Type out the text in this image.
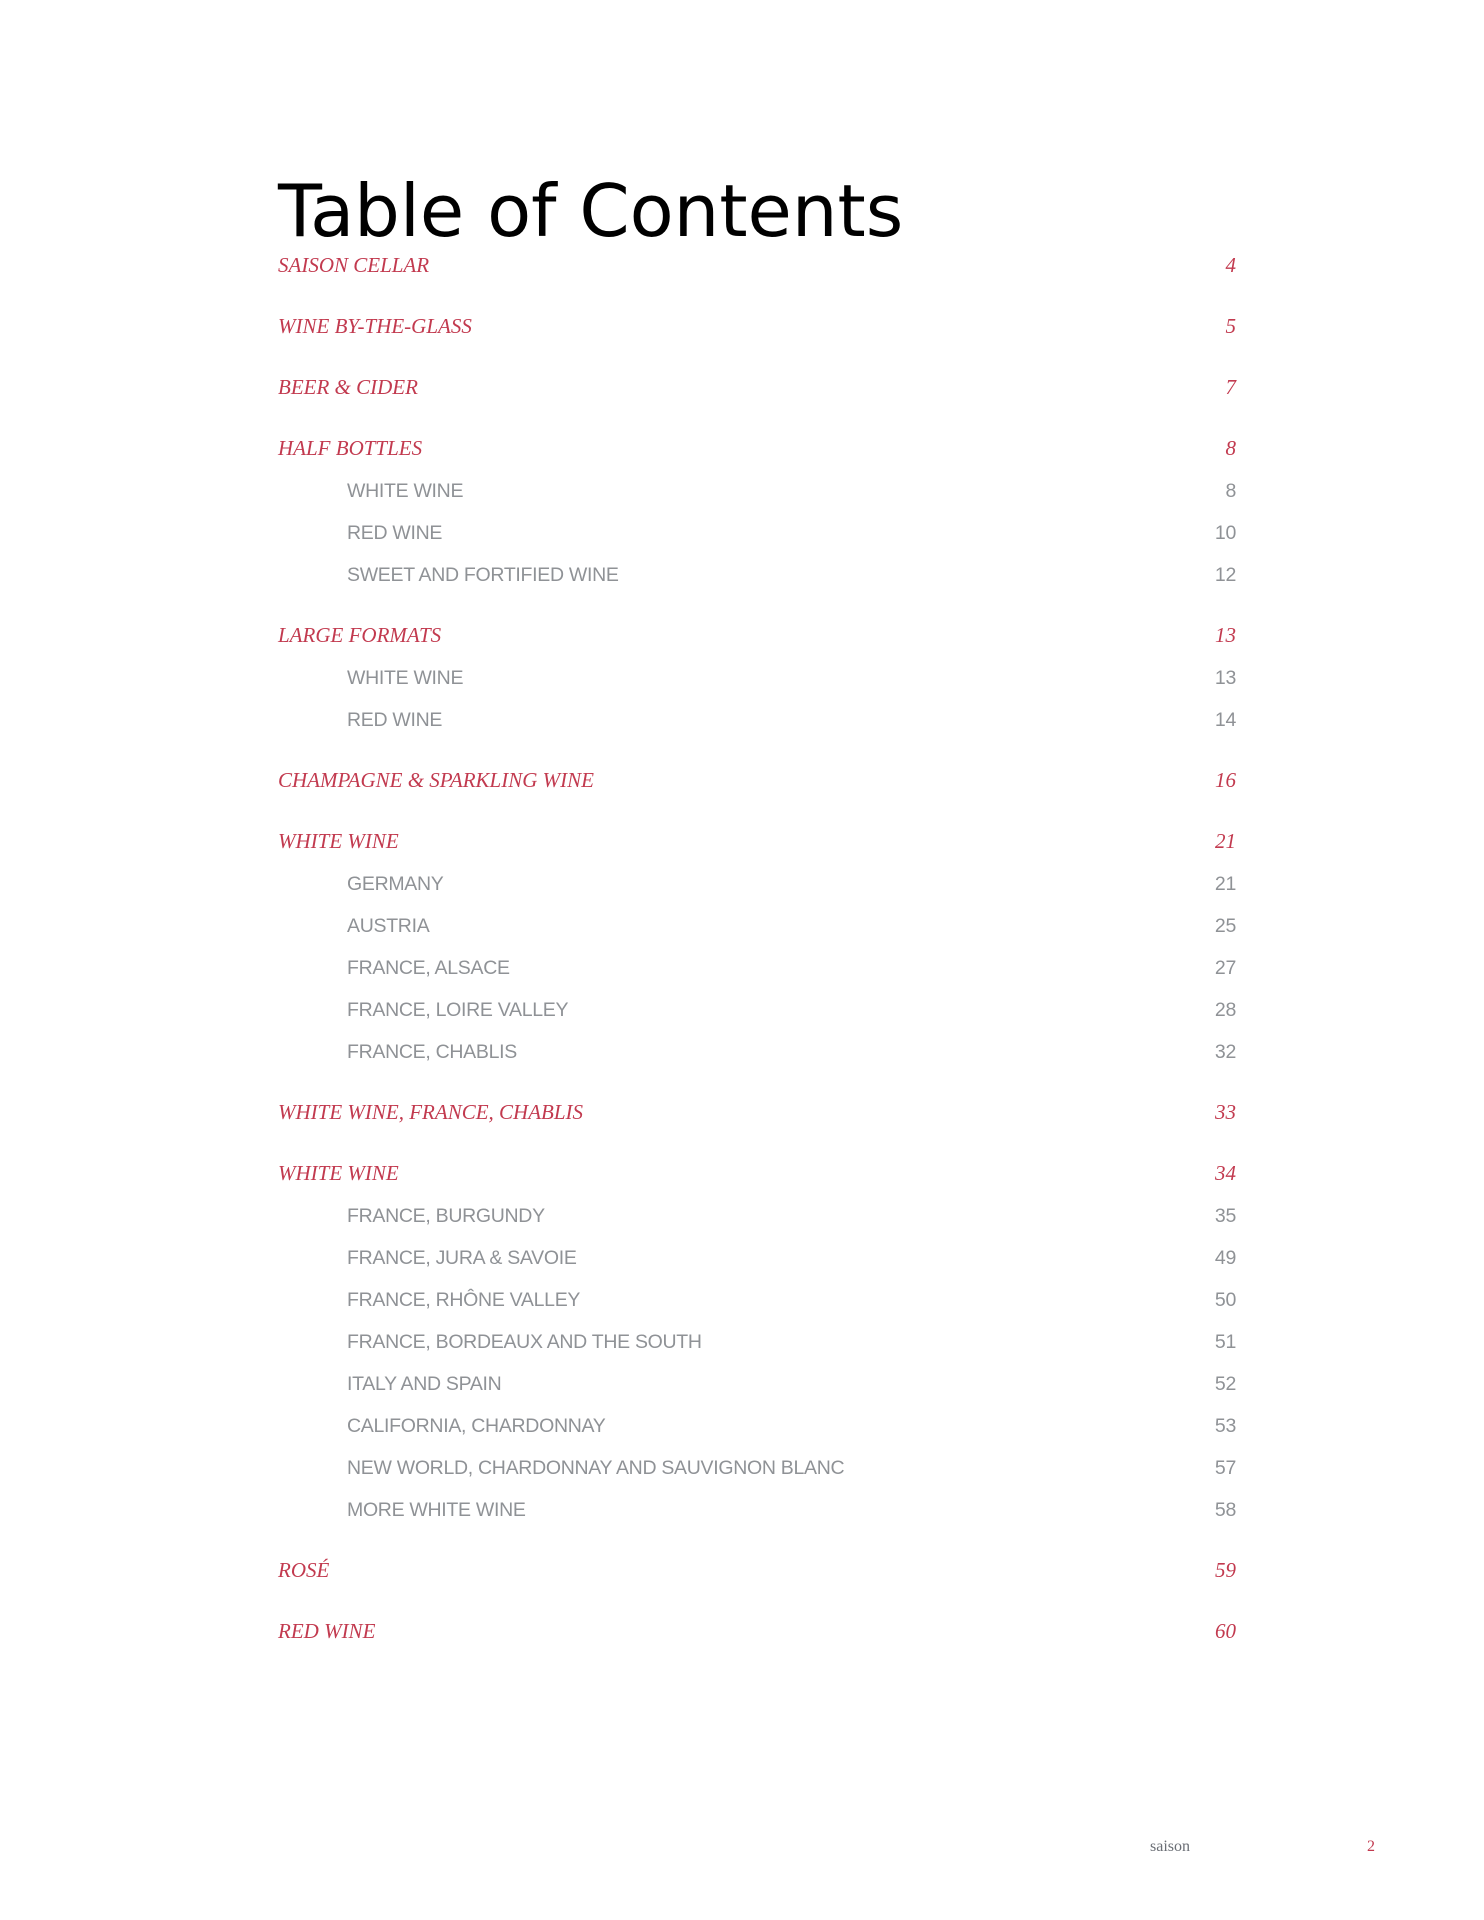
Table of Contents
SAISON CELLAR	4
WINE BY-THE-GLASS	5
BEER & CIDER	7
HALF BOTTLES	8
WHITE WINE	8
RED WINE	10
SWEET AND FORTIFIED WINE	12
LARGE FORMATS	13
WHITE WINE	13
RED WINE	14
CHAMPAGNE & SPARKLING WINE	16
WHITE WINE	21
GERMANY	21
AUSTRIA	25
FRANCE, ALSACE	27
FRANCE, LOIRE VALLEY	28
FRANCE, CHABLIS	32
WHITE WINE, FRANCE, CHABLIS	33
WHITE WINE	34
FRANCE, BURGUNDY	35
FRANCE, JURA & SAVOIE	49
FRANCE, RHÔNE VALLEY	50
FRANCE, BORDEAUX AND THE SOUTH	51
ITALY AND SPAIN	52
CALIFORNIA, CHARDONNAY	53
NEW WORLD, CHARDONNAY AND SAUVIGNON BLANC	57
MORE WHITE WINE	58
ROSÉ	59
RED WINE	60
saison	2
